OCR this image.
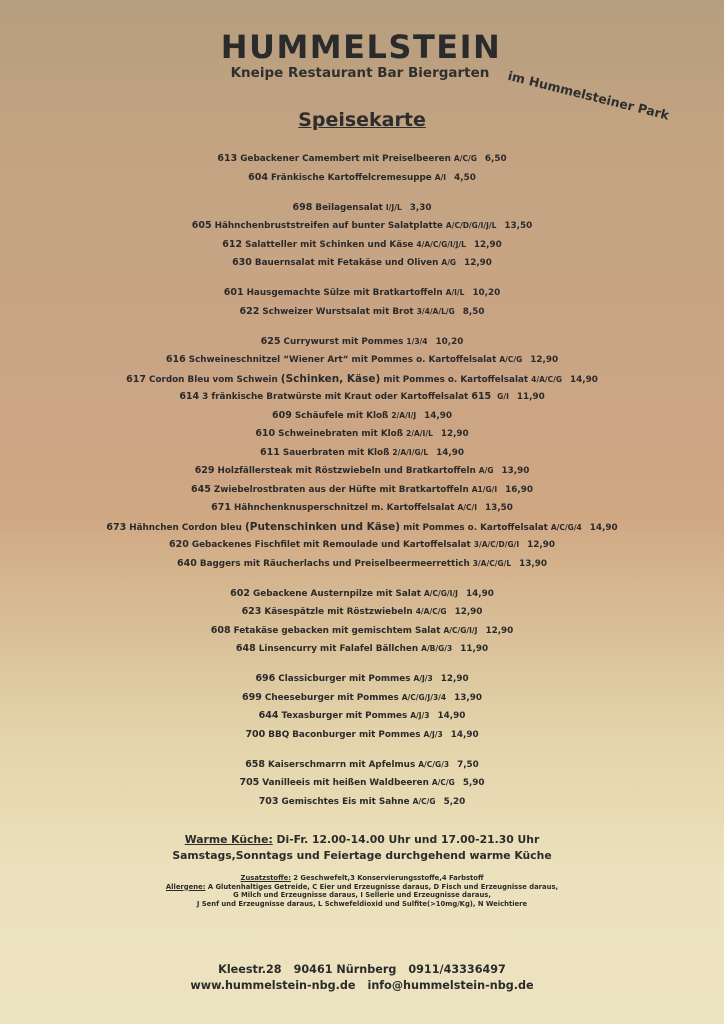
HUMMELSTEIN
Kneipe Restaurant Bar Biergarten	im Hummelsteiner Park
Speisekarte
613 Gebackener Camembert mit Preiselbeeren A/C/G 6,50
604 Fränkische Kartoffelcremesuppe A/I 4,50
698 Beilagensalat I/J/L 3,30
605 Hähnchenbruststreifen auf bunter Salatplatte A/C/D/G/I/J/L 13,50
612 Salatteller mit Schinken und Käse 4/A/C/G/I/J/L 12,90
630 Bauernsalat mit Fetakäse und Oliven A/G 12,90
601 Hausgemachte Sülze mit Bratkartoffeln A/I/L 10,20
622 Schweizer Wurstsalat mit Brot 3/4/A/L/G 8,50
625 Currywurst mit Pommes 1/3/4 10,20
616 Schweineschnitzel “Wiener Art“ mit Pommes o. Kartoffelsalat A/C/G 12,90
617 Cordon Bleu vom Schwein (Schinken, Käse) mit Pommes o. Kartoffelsalat 4/A/C/G 14,90
614 3 fränkische Bratwürste mit Kraut oder Kartoffelsalat 615 G/I 11,90
609 Schäufele mit Kloß 2/A/I/J 14,90
610 Schweinebraten mit Kloß 2/A/I/L 12,90
611 Sauerbraten mit Kloß 2/A/I/G/L 14,90
629 Holzfällersteak mit Röstzwiebeln und Bratkartoffeln A/G 13,90
645 Zwiebelrostbraten aus der Hüfte mit Bratkartoffeln A1/G/I 16,90
671 Hähnchenknusperschnitzel m. Kartoffelsalat A/C/I 13,50
673 Hähnchen Cordon bleu (Putenschinken und Käse) mit Pommes o. Kartoffelsalat A/C/G/4 14,90
620 Gebackenes Fischfilet mit Remoulade und Kartoffelsalat 3/A/C/D/G/I 12,90
640 Baggers mit Räucherlachs und Preiselbeermeerrettich 3/A/C/G/L 13,90
602 Gebackene Austernpilze mit Salat A/C/G/I/J 14,90
623 Käsespätzle mit Röstzwiebeln 4/A/C/G 12,90
608 Fetakäse gebacken mit gemischtem Salat A/C/G/I/J 12,90
648 Linsencurry mit Falafel Bällchen A/B/G/3 11,90
696 Classicburger mit Pommes A/J/3 12,90
699 Cheeseburger mit Pommes A/C/G/J/3/4 13,90
644 Texasburger mit Pommes A/J/3 14,90
700 BBQ Baconburger mit Pommes A/J/3 14,90
658 Kaiserschmarrn mit Apfelmus A/C/G/3 7,50
705 Vanilleeis mit heißen Waldbeeren A/C/G 5,90
703 Gemischtes Eis mit Sahne A/C/G 5,20
Warme Küche: Di-Fr. 12.00-14.00 Uhr und 17.00-21.30 Uhr
Samstags,Sonntags und Feiertage durchgehend warme Küche
Zusatzstoffe: 2 Geschwefelt,3 Konservierungsstoffe,4 Farbstoff
Allergene: A Glutenhaltiges Getreide, C Eier und Erzeugnisse daraus, D Fisch und Erzeugnisse daraus,
G Milch und Erzeugnisse daraus, I Sellerie und Erzeugnisse daraus,
J Senf und Erzeugnisse daraus, L Schwefeldioxid und Sulfite(>10mg/Kg), N Weichtiere
Kleestr.28 90461 Nürnberg 0911/43336497
www.hummelstein-nbg.de info@hummelstein-nbg.de
